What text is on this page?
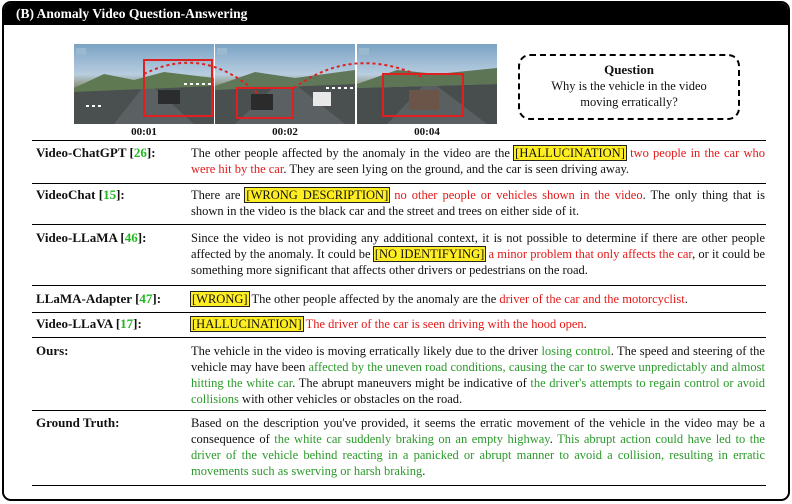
(B) Anomaly Video Question-Answering
00:01	00:02	00:04
Question
Why is the vehicle in the video moving erratically?
Video-ChatGPT [26]:	The other people affected by the anomaly in the video are the [HALLUCINATION] two people in the car who were hit by the car. They are seen lying on the ground, and the car is seen driving away.
VideoChat [15]:	There are [WRONG DESCRIPTION] no other people or vehicles shown in the video. The only thing that is shown in the video is the black car and the street and trees on either side of it.
Video-LLaMA [46]:	Since the video is not providing any additional context, it is not possible to determine if there are other people affected by the anomaly. It could be [NO IDENTIFYING] a minor problem that only affects the car, or it could be something more significant that affects other drivers or pedestrians on the road.
LLaMA-Adapter [47]: [WRONG] The other people affected by the anomaly are the driver of the car and the motorcyclist.
Video-LLaVA [17]:	[HALLUCINATION] The driver of the car is seen driving with the hood open.
Ours:	The vehicle in the video is moving erratically likely due to the driver losing control. The speed and steering of the vehicle may have been affected by the uneven road conditions, causing the car to swerve unpredictably and almost hitting the white car. The abrupt maneuvers might be indicative of the driver's attempts to regain control or avoid collisions with other vehicles or obstacles on the road.
Ground Truth:	Based on the description you've provided, it seems the erratic movement of the vehicle in the video may be a consequence of the white car suddenly braking on an empty highway. This abrupt action could have led to the driver of the vehicle behind reacting in a panicked or abrupt manner to avoid a collision, resulting in erratic movements such as swerving or harsh braking.
